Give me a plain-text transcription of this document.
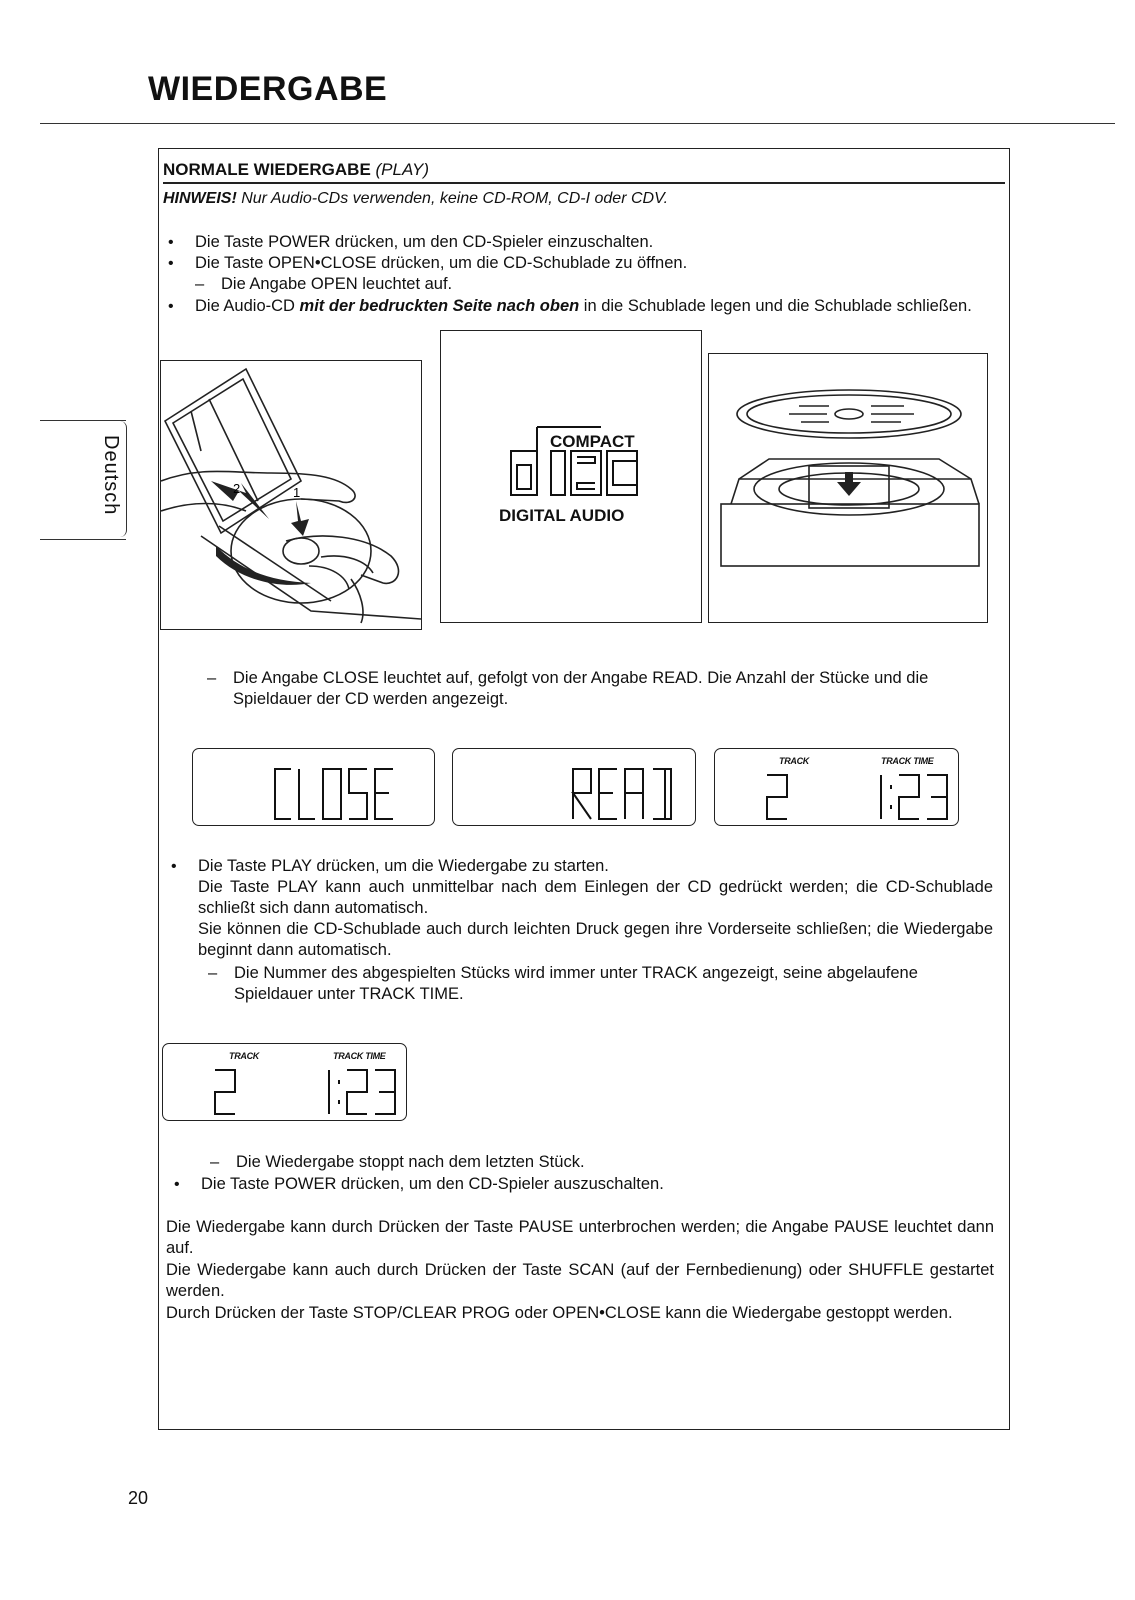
WIEDERGABE
Deutsch
NORMALE WIEDERGABE (PLAY)
HINWEIS! Nur Audio-CDs verwenden, keine CD-ROM, CD-I oder CDV.
• Die Taste POWER drücken, um den CD-Spieler einzuschalten.
• Die Taste OPEN•CLOSE drücken, um die CD-Schublade zu öffnen.
– Die Angabe OPEN leuchtet auf.
• Die Audio-CD mit der bedruckten Seite nach oben in die Schublade legen und die Schublade schließen.
2	1
COMPACT
DIGITAL AUDIO
– Die Angabe CLOSE leuchtet auf, gefolgt von der Angabe READ. Die Anzahl der Stücke und die Spieldauer der CD werden angezeigt.
TRACK	TRACK TIME
• Die Taste PLAY drücken, um die Wiedergabe zu starten.
Die Taste PLAY kann auch unmittelbar nach dem Einlegen der CD gedrückt werden; die CD-Schublade schließt sich dann automatisch.
Sie können die CD-Schublade auch durch leichten Druck gegen ihre Vorderseite schließen; die Wiedergabe beginnt dann automatisch.
– Die Nummer des abgespielten Stücks wird immer unter TRACK angezeigt, seine abgelaufene Spieldauer unter TRACK TIME.
TRACK	TRACK TIME
– Die Wiedergabe stoppt nach dem letzten Stück.
• Die Taste POWER drücken, um den CD-Spieler auszuschalten.
Die Wiedergabe kann durch Drücken der Taste PAUSE unterbrochen werden; die Angabe PAUSE leuchtet dann auf.
Die Wiedergabe kann auch durch Drücken der Taste SCAN (auf der Fernbedienung) oder SHUFFLE gestartet werden.
Durch Drücken der Taste STOP/CLEAR PROG oder OPEN•CLOSE kann die Wiedergabe gestoppt werden.
20
